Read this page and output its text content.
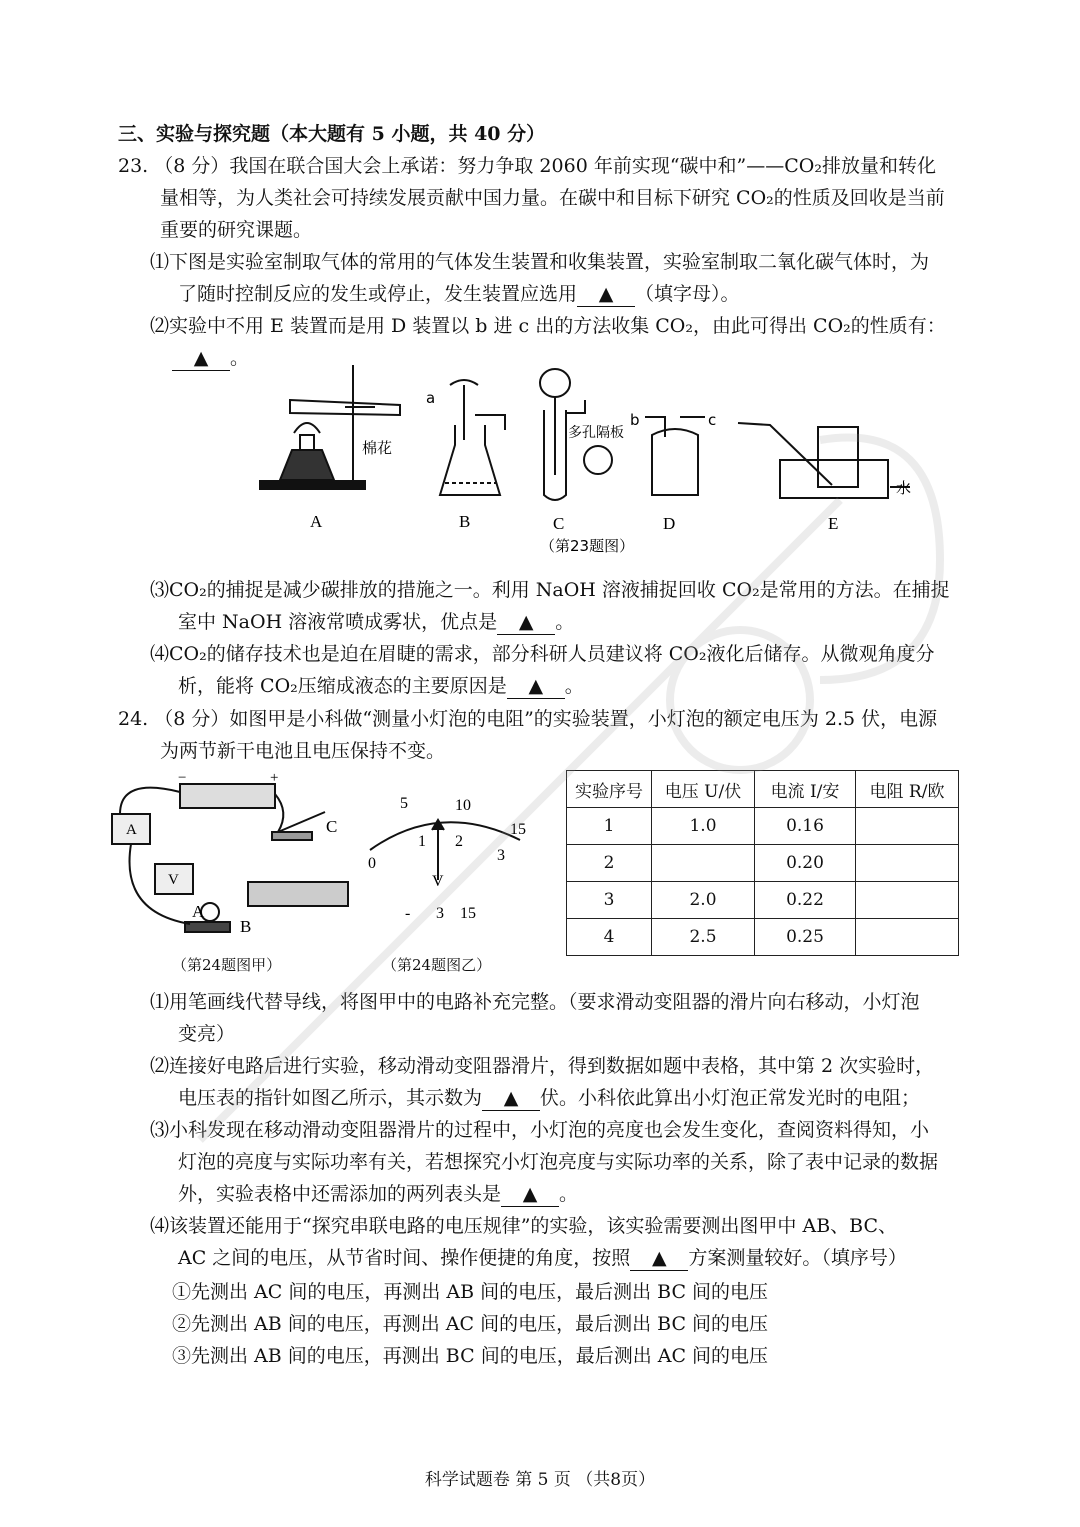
三、实验与探究题（本大题有 5 小题，共 40 分）
23. （8 分）我国在联合国大会上承诺：努力争取 2060 年前实现“碳中和”——CO₂排放量和转化
量相等，为人类社会可持续发展贡献中国力量。在碳中和目标下研究 CO₂的性质及回收是当前
重要的研究课题。
⑴下图是实验室制取气体的常用的气体发生装置和收集装置，实验室制取二氧化碳气体时，为
了随时控制反应的发生或停止，发生装置应选用 ▲ （填字母）。
⑵实验中不用 E 装置而是用 D 装置以 b 进 c 出的方法收集 CO₂，由此可得出 CO₂的性质有：
▲ 。
棉花
a
多孔隔板
b	c
水
A	B	C	D	E
（第23题图）
⑶CO₂的捕捉是减少碳排放的措施之一。利用 NaOH 溶液捕捉回收 CO₂是常用的方法。在捕捉
室中 NaOH 溶液常喷成雾状，优点是 ▲ 。
⑷CO₂的储存技术也是迫在眉睫的需求，部分科研人员建议将 CO₂液化后储存。从微观角度分
析，能将 CO₂压缩成液态的主要原因是 ▲ 。
24. （8 分）如图甲是小科做“测量小灯泡的电阻”的实验装置，小灯泡的额定电压为 2.5 伏，电源
为两节新干电池且电压保持不变。
−	+
A
V
C
A
B
（第24题图甲）
5	10
15
0
1 2
3
V
- 3 15
（第24题图乙）
实验序号	电压 U/伏	电流 I/安	电阻 R/欧
1	1.0	0.16	
2		0.20	
3	2.0	0.22	
4	2.5	0.25	
⑴用笔画线代替导线，将图甲中的电路补充完整。（要求滑动变阻器的滑片向右移动，小灯泡
变亮）
⑵连接好电路后进行实验，移动滑动变阻器滑片，得到数据如题中表格，其中第 2 次实验时，
电压表的指针如图乙所示，其示数为 ▲ 伏。小科依此算出小灯泡正常发光时的电阻；
⑶小科发现在移动滑动变阻器滑片的过程中，小灯泡的亮度也会发生变化，查阅资料得知，小
灯泡的亮度与实际功率有关，若想探究小灯泡亮度与实际功率的关系，除了表中记录的数据
外，实验表格中还需添加的两列表头是 ▲ 。
⑷该装置还能用于“探究串联电路的电压规律”的实验，该实验需要测出图甲中 AB、BC、
AC 之间的电压，从节省时间、操作便捷的角度，按照 ▲ 方案测量较好。（填序号）
①先测出 AC 间的电压，再测出 AB 间的电压，最后测出 BC 间的电压
②先测出 AB 间的电压，再测出 AC 间的电压，最后测出 BC 间的电压
③先测出 AB 间的电压，再测出 BC 间的电压，最后测出 AC 间的电压
科学试题卷 第 5 页 （共8页）
